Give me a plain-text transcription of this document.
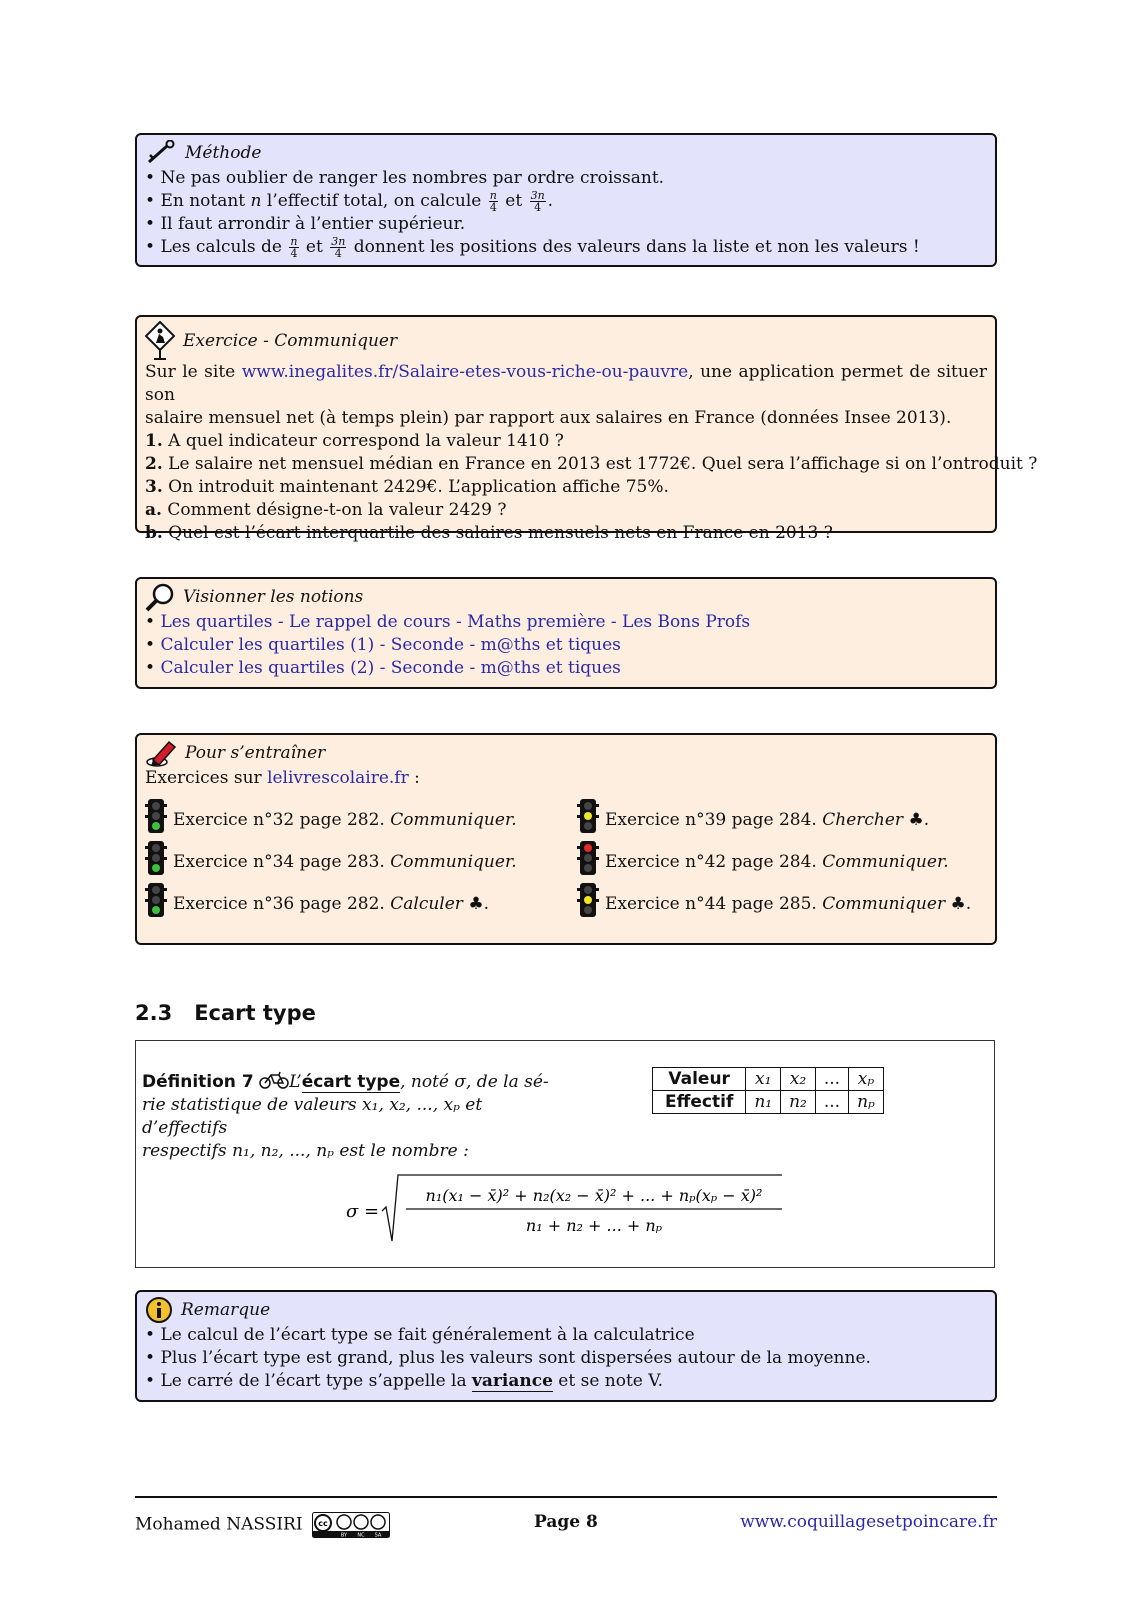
Méthode
• Ne pas oublier de ranger les nombres par ordre croissant.
• En notant n l’effectif total, on calcule $\frac{n}{4}$ et $\frac{3n}{4}$ .
• Il faut arrondir à l’entier supérieur.
• Les calculs de $\frac{n}{4}$ et $\frac{3n}{4}$ donnent les positions des valeurs dans la liste et non les valeurs !
Exercice - Communiquer
Sur le site www.inegalites.fr/Salaire-etes-vous-riche-ou-pauvre, une application permet de situer son
salaire mensuel net (à temps plein) par rapport aux salaires en France (données Insee 2013).
1. A quel indicateur correspond la valeur 1410 ?
2. Le salaire net mensuel médian en France en 2013 est 1772€. Quel sera l’affichage si on l’ontroduit ?
3. On introduit maintenant 2429€. L’application affiche 75%.
a. Comment désigne-t-on la valeur 2429 ?
b. Quel est l’écart interquartile des salaires mensuels nets en France en 2013 ?
Visionner les notions
• Les quartiles - Le rappel de cours - Maths première - Les Bons Profs
• Calculer les quartiles (1) - Seconde - m@ths et tiques
• Calculer les quartiles (2) - Seconde - m@ths et tiques
Pour s’entraîner
Exercices sur lelivrescolaire.fr :
Exercice n°32 page 282. Communiquer.	Exercice n°39 page 284. Chercher ♣.
Exercice n°34 page 283. Communiquer.	Exercice n°42 page 284. Communiquer.
Exercice n°36 page 282. Calculer ♣.	Exercice n°44 page 285. Communiquer ♣.
2.3 Ecart type
Définition 7 L’écart type, noté σ, de la sé-
rie statistique de valeurs x₁, x₂, ..., xₚ et d’effectifs
respectifs n₁, n₂, ..., nₚ est le nombre :
Valeur	x₁	x₂	...	xₚ
Effectif	n₁	n₂	...	nₚ
σ =
n₁(x₁ − x̄)² + n₂(x₂ − x̄)² + ... + nₚ(xₚ − x̄)²
n₁ + n₂ + ... + nₚ
Remarque
• Le calcul de l’écart type se fait généralement à la calculatrice
• Plus l’écart type est grand, plus les valeurs sont dispersées autour de la moyenne.
• Le carré de l’écart type s’appelle la variance et se note V.
Mohamed NASSIRI cc
BY NC SA
Page 8	www.coquillagesetpoincare.fr
